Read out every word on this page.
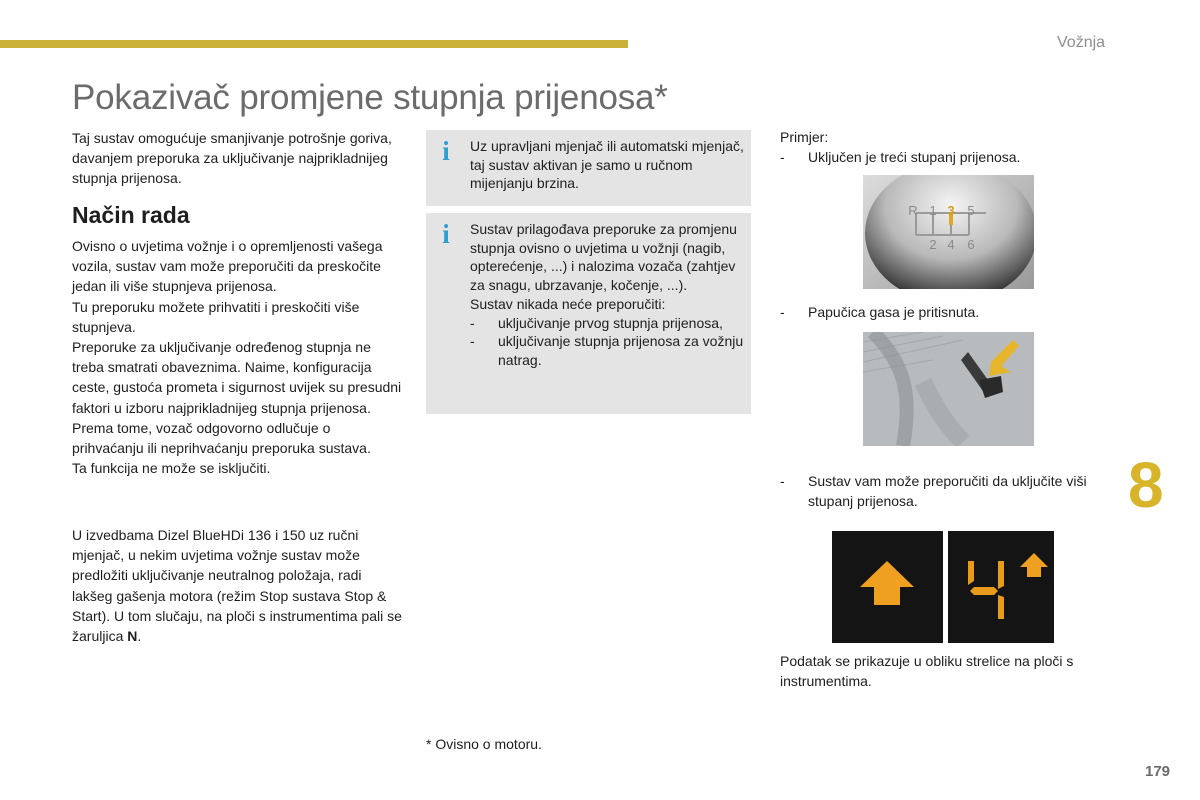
Vožnja
Pokazivač promjene stupnja prijenosa*
Taj sustav omogućuje smanjivanje potrošnje goriva, davanjem preporuka za uključivanje najprikladnijeg stupnja prijenosa.
Način rada
Ovisno o uvjetima vožnje i o opremljenosti vašega vozila, sustav vam može preporučiti da preskočite jedan ili više stupnjeva prijenosa.
Tu preporuku možete prihvatiti i preskočiti više stupnjeva.
Preporuke za uključivanje određenog stupnja ne treba smatrati obaveznima. Naime, konfiguracija ceste, gustoća prometa i sigurnost uvijek su presudni faktori u izboru najprikladnijeg stupnja prijenosa. Prema tome, vozač odgovorno odlučuje o prihvaćanju ili neprihvaćanju preporuka sustava.
Ta funkcija ne može se isključiti.
U izvedbama Dizel BlueHDi 136 i 150 uz ručni mjenjač, u nekim uvjetima vožnje sustav može predložiti uključivanje neutralnog položaja, radi lakšeg gašenja motora (režim Stop sustava Stop & Start). U tom slučaju, na ploči s instrumentima pali se žaruljica N.
i Uz upravljani mjenjač ili automatski mjenjač, taj sustav aktivan je samo u ručnom mijenjanju brzina.
i Sustav prilagođava preporuke za promjenu stupnja ovisno o uvjetima u vožnji (nagib, opterećenje, ...) i nalozima vozača (zahtjev za snagu, ubrzavanje, kočenje, ...).
Sustav nikada neće preporučiti:
- uključivanje prvog stupnja prijenosa,
- uključivanje stupnja prijenosa za vožnju natrag.
* Ovisno o motoru.
Primjer:
- Uključen je treći stupanj prijenosa.
R 1 3 5
2 4 6
- Papučica gasa je pritisnuta.
- Sustav vam može preporučiti da uključite viši stupanj prijenosa.
Podatak se prikazuje u obliku strelice na ploči s instrumentima.
8
179
